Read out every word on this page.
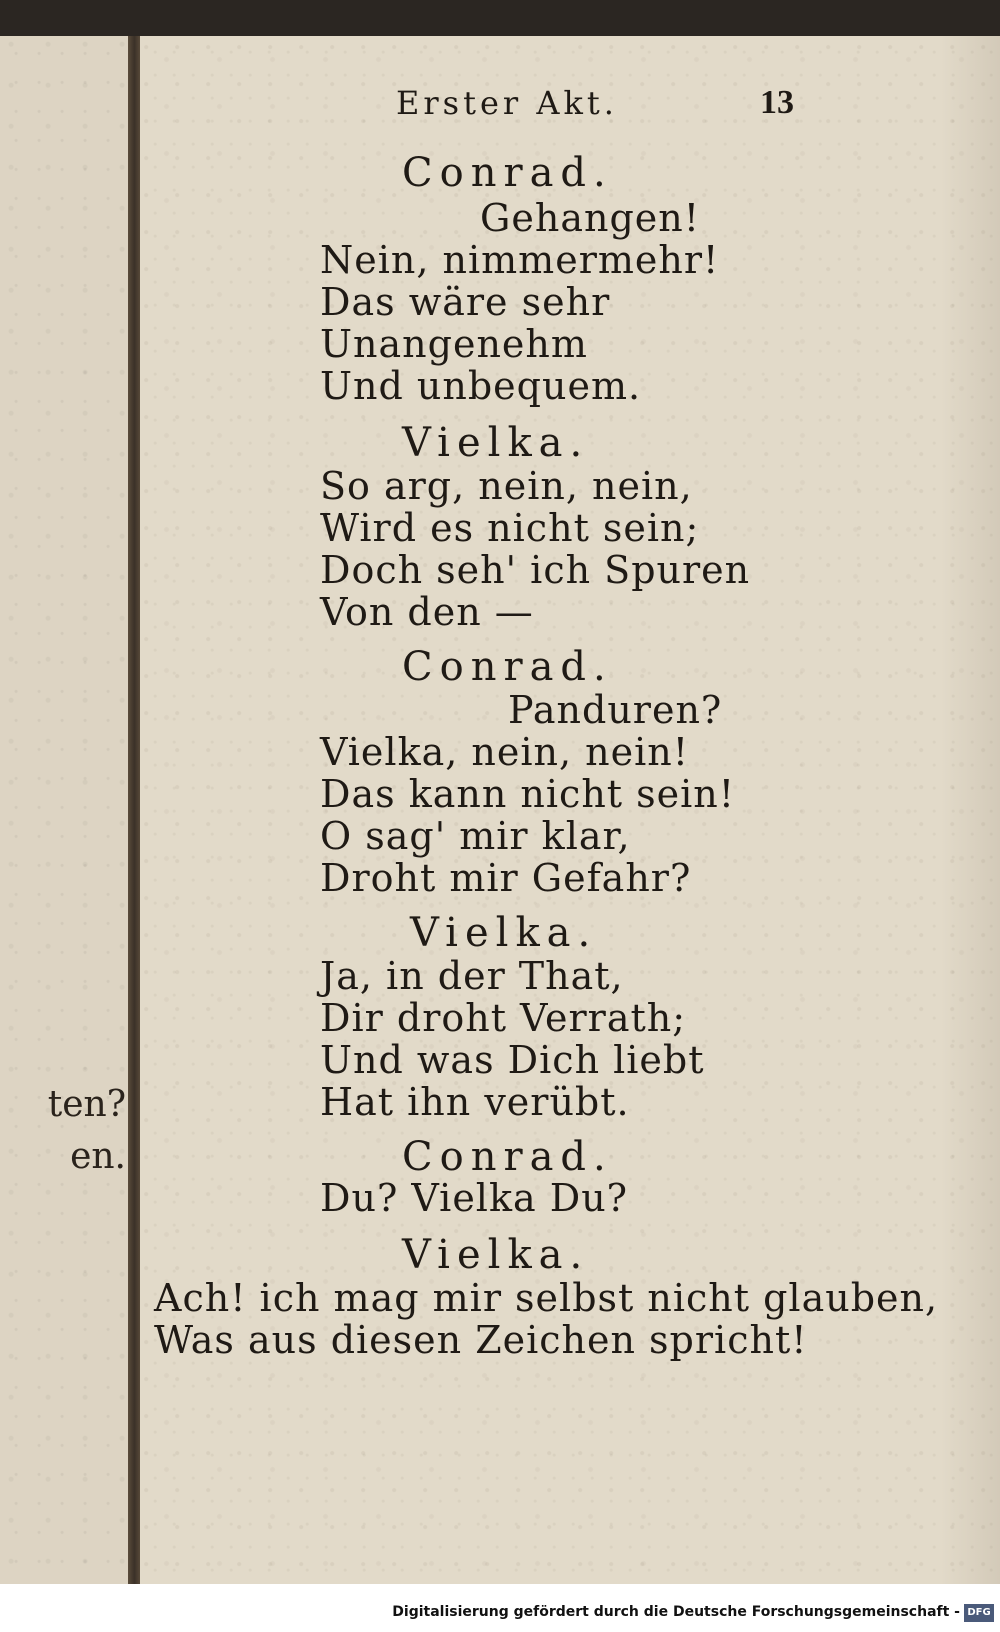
ten?
en.
Erster Akt.	13
Conrad.
Gehangen!
Nein, nimmermehr!
Das wäre sehr
Unangenehm
Und unbequem.
Vielka.
So arg, nein, nein,
Wird es nicht sein;
Doch seh' ich Spuren
Von den —
Conrad.
Panduren?
Vielka, nein, nein!
Das kann nicht sein!
O sag' mir klar,
Droht mir Gefahr?
Vielka.
Ja, in der That,
Dir droht Verrath;
Und was Dich liebt
Hat ihn verübt.
Conrad.
Du? Vielka Du?
Vielka.
Ach! ich mag mir selbst nicht glauben,
Was aus diesen Zeichen spricht!
Digitalisierung gefördert durch die Deutsche Forschungsgemeinschaft - DFG
